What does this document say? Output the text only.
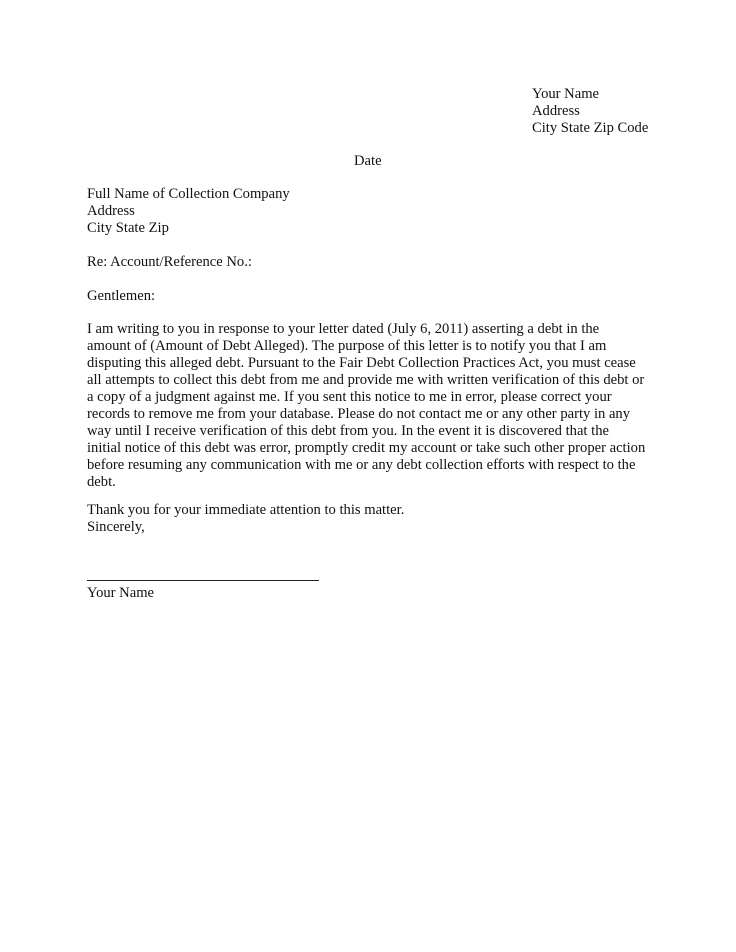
Your Name
Address
City State Zip Code
Date
Full Name of Collection Company
Address
City State Zip
Re: Account/Reference No.:
Gentlemen:
I am writing to you in response to your letter dated (July 6, 2011) asserting a debt in the
amount of (Amount of Debt Alleged). The purpose of this letter is to notify you that I am
disputing this alleged debt. Pursuant to the Fair Debt Collection Practices Act, you must cease
all attempts to collect this debt from me and provide me with written verification of this debt or
a copy of a judgment against me. If you sent this notice to me in error, please correct your
records to remove me from your database. Please do not contact me or any other party in any
way until I receive verification of this debt from you. In the event it is discovered that the
initial notice of this debt was error, promptly credit my account or take such other proper action
before resuming any communication with me or any debt collection efforts with respect to the
debt.
Thank you for your immediate attention to this matter.
Sincerely,
Your Name
